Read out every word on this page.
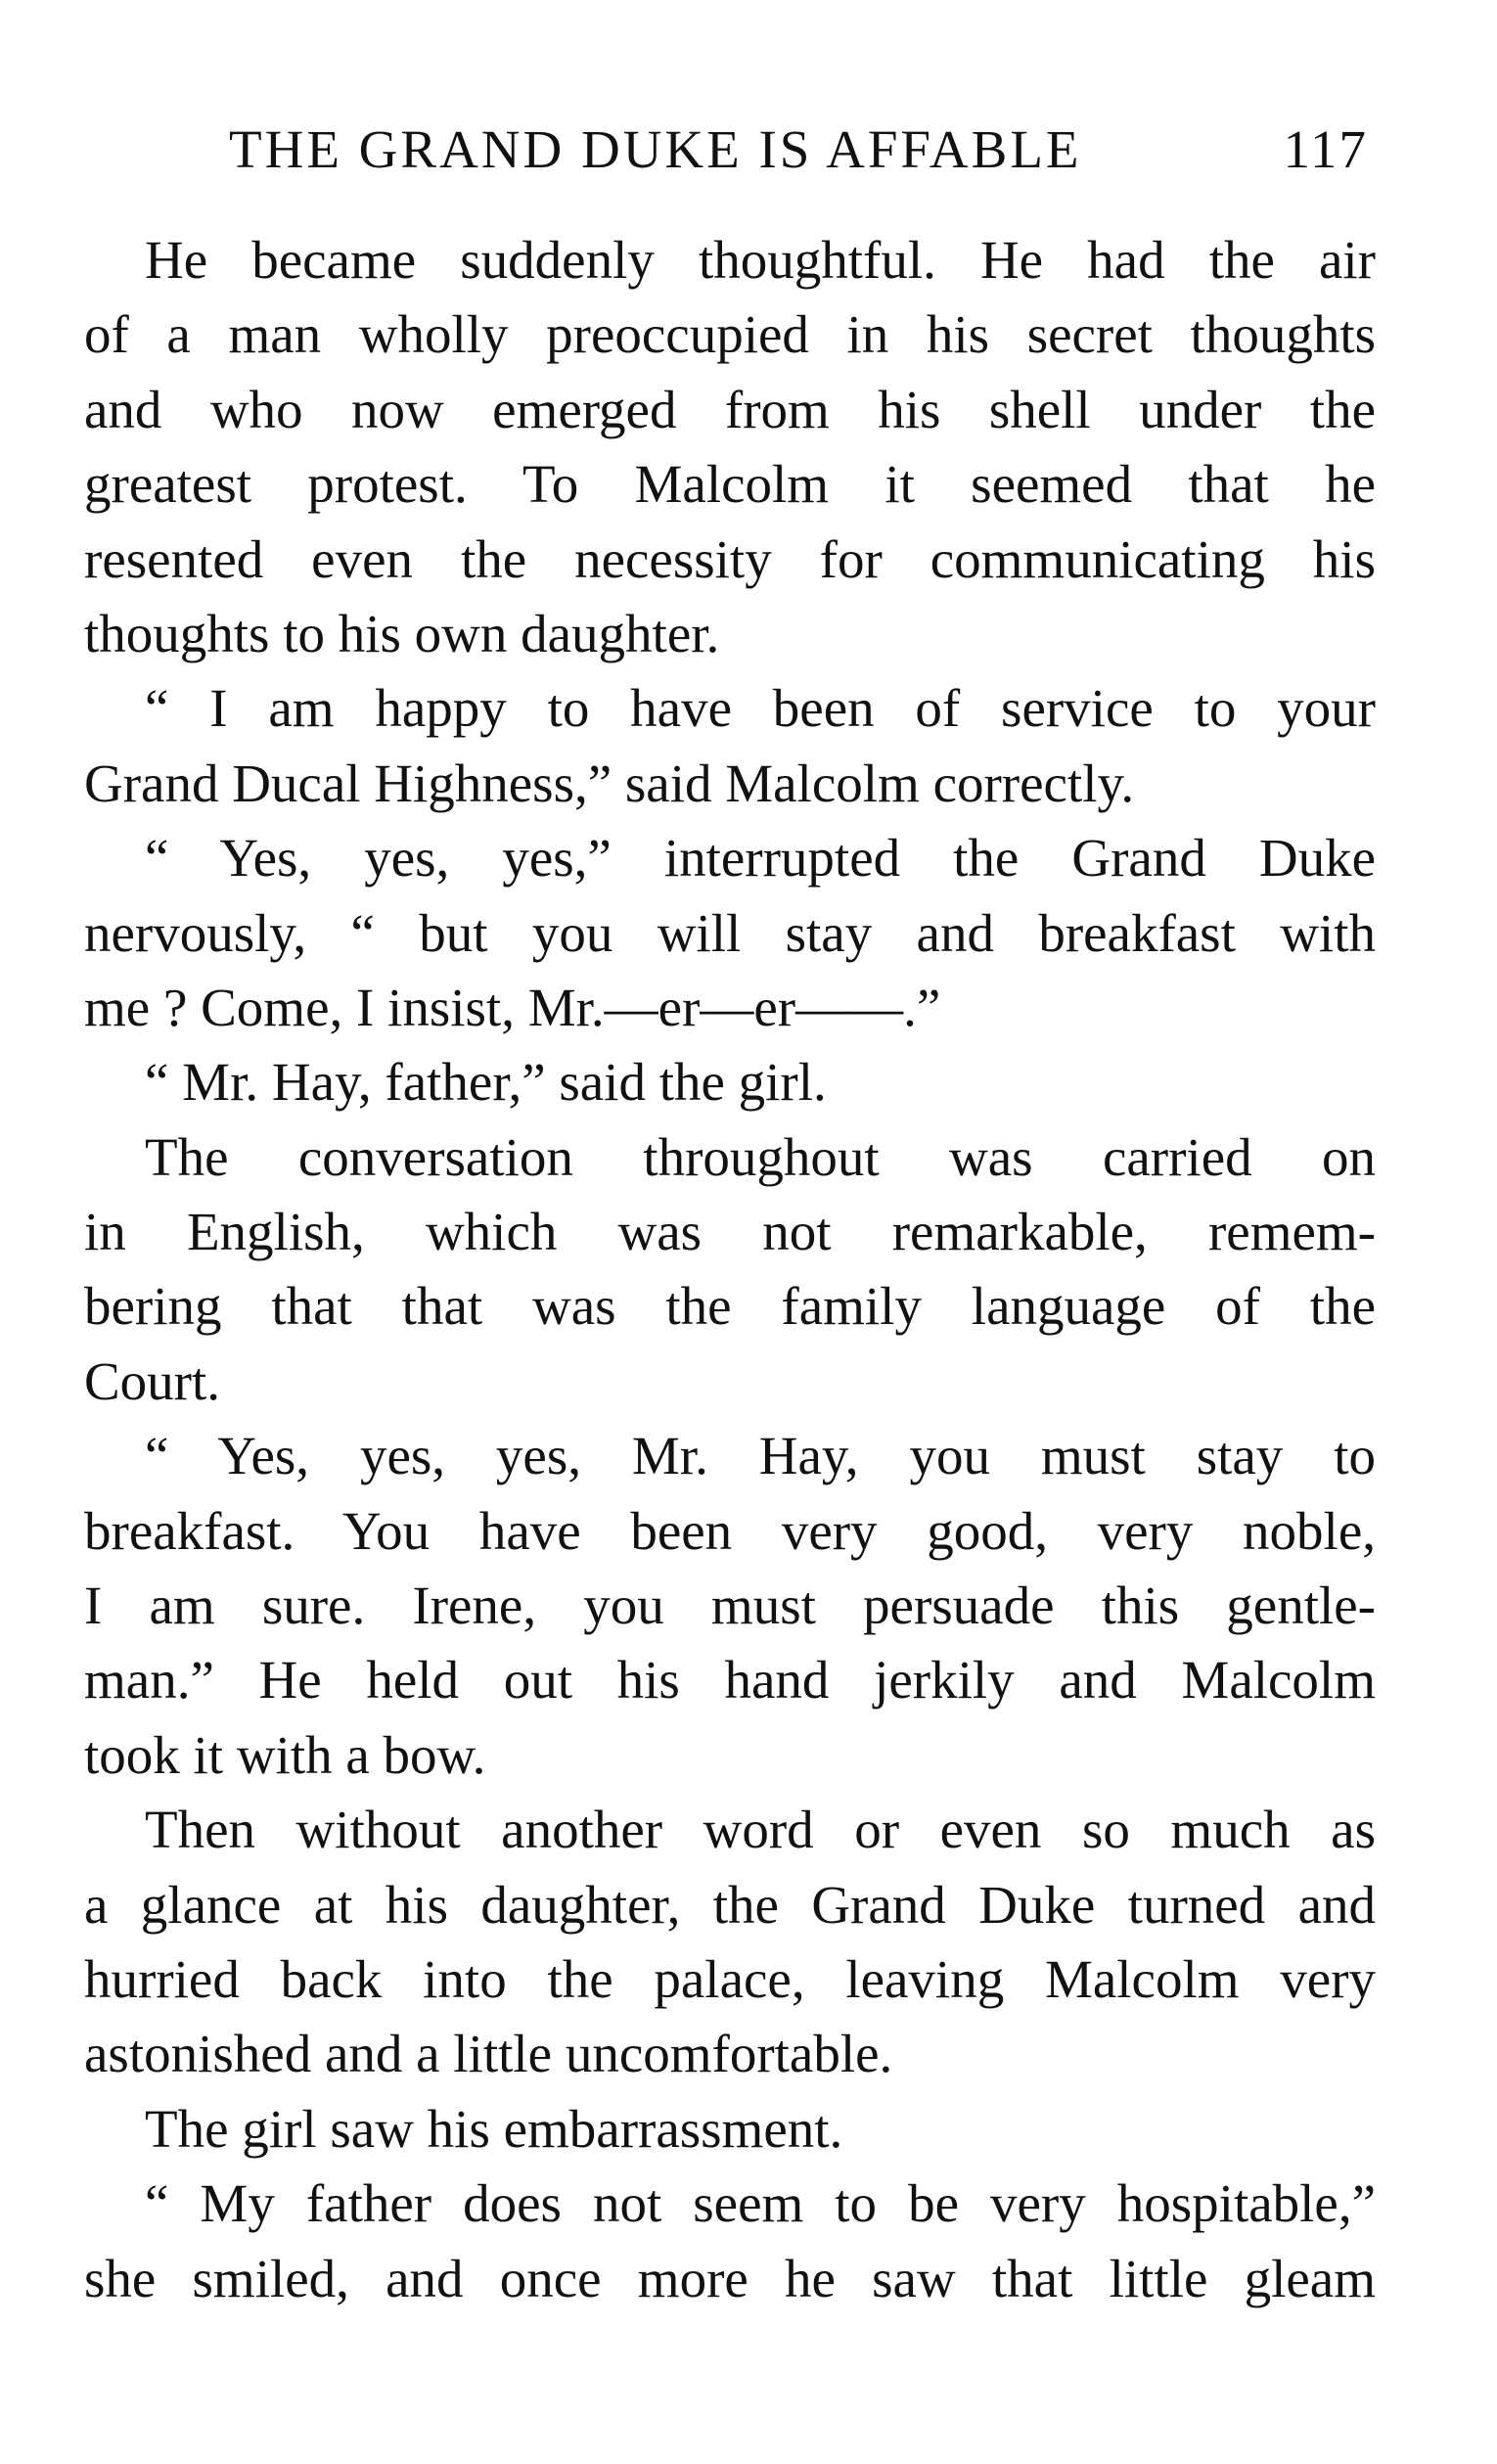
THE GRAND DUKE IS AFFABLE	117
He became suddenly thoughtful. He had the air
of a man wholly preoccupied in his secret thoughts
and who now emerged from his shell under the
greatest protest. To Malcolm it seemed that he
resented even the necessity for communicating his
thoughts to his own daughter.
“ I am happy to have been of service to your
Grand Ducal Highness,” said Malcolm correctly.
“ Yes, yes, yes,” interrupted the Grand Duke
nervously, “ but you will stay and breakfast with
me ? Come, I insist, Mr.—er—er——.”
“ Mr. Hay, father,” said the girl.
The conversation throughout was carried on
in English, which was not remarkable, remem-
bering that that was the family language of the
Court.
“ Yes, yes, yes, Mr. Hay, you must stay to
breakfast. You have been very good, very noble,
I am sure. Irene, you must persuade this gentle-
man.” He held out his hand jerkily and Malcolm
took it with a bow.
Then without another word or even so much as
a glance at his daughter, the Grand Duke turned and
hurried back into the palace, leaving Malcolm very
astonished and a little uncomfortable.
The girl saw his embarrassment.
“ My father does not seem to be very hospitable,”
she smiled, and once more he saw that little gleam
